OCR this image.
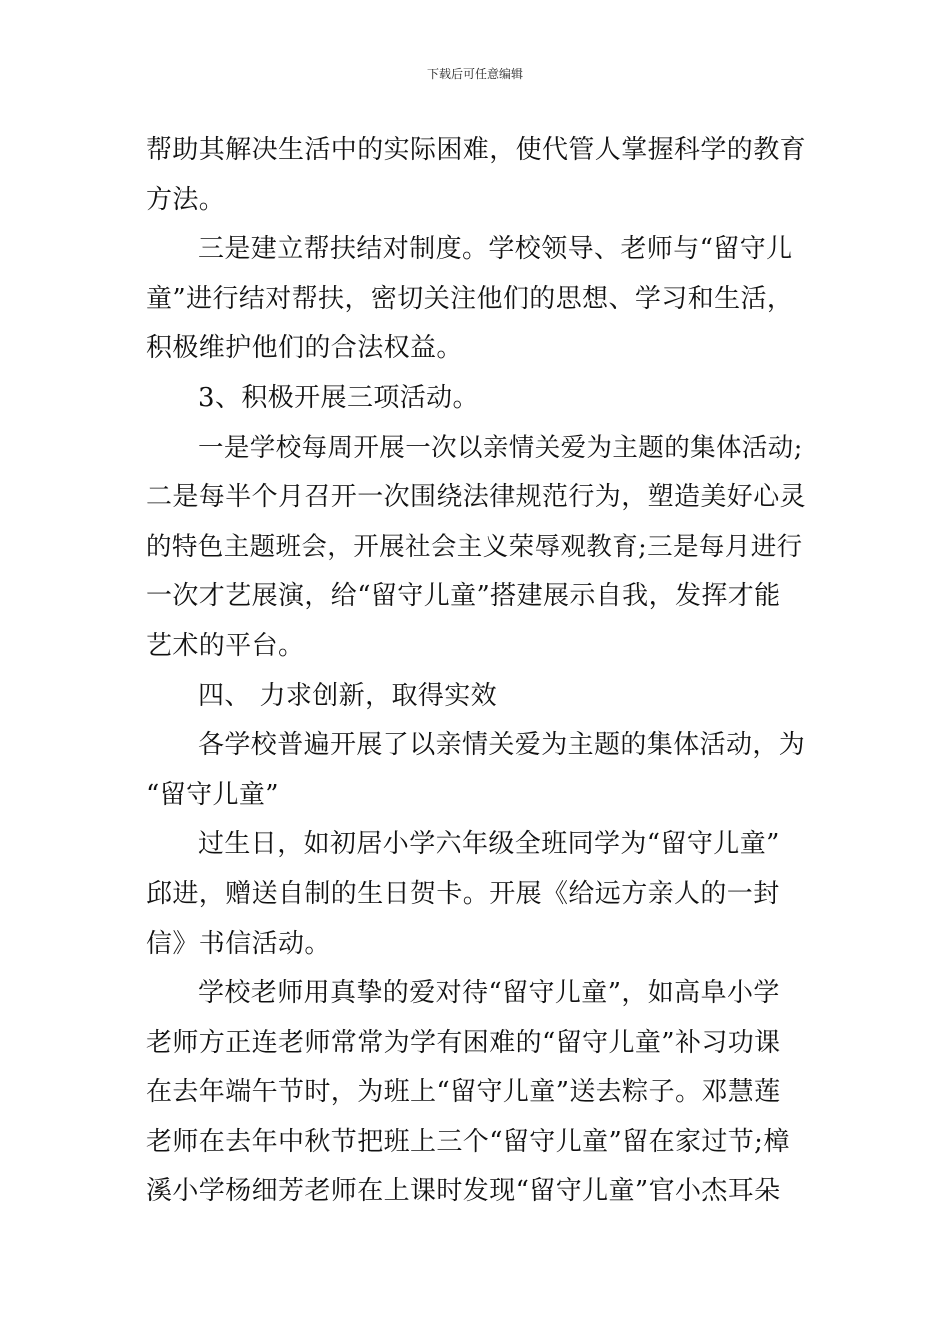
下载后可任意编辑
帮助其解决生活中的实际困难，使代管人掌握科学的教育
方法。
三是建立帮扶结对制度。学校领导、老师与“留守儿
童”进行结对帮扶，密切关注他们的思想、学习和生活，
积极维护他们的合法权益。
3、积极开展三项活动。
一是学校每周开展一次以亲情关爱为主题的集体活动;
二是每半个月召开一次围绕法律规范行为，塑造美好心灵
的特色主题班会，开展社会主义荣辱观教育;三是每月进行
一次才艺展演，给“留守儿童”搭建展示自我，发挥才能
艺术的平台。
四、 力求创新，取得实效
各学校普遍开展了以亲情关爱为主题的集体活动，为
“留守儿童”
过生日，如初居小学六年级全班同学为“留守儿童”
邱进，赠送自制的生日贺卡。开展《给远方亲人的一封
信》书信活动。
学校老师用真挚的爱对待“留守儿童”，如高阜小学
老师方正连老师常常为学有困难的“留守儿童”补习功课
在去年端午节时，为班上“留守儿童”送去粽子。邓慧莲
老师在去年中秋节把班上三个“留守儿童”留在家过节;樟
溪小学杨细芳老师在上课时发现“留守儿童”官小杰耳朵
